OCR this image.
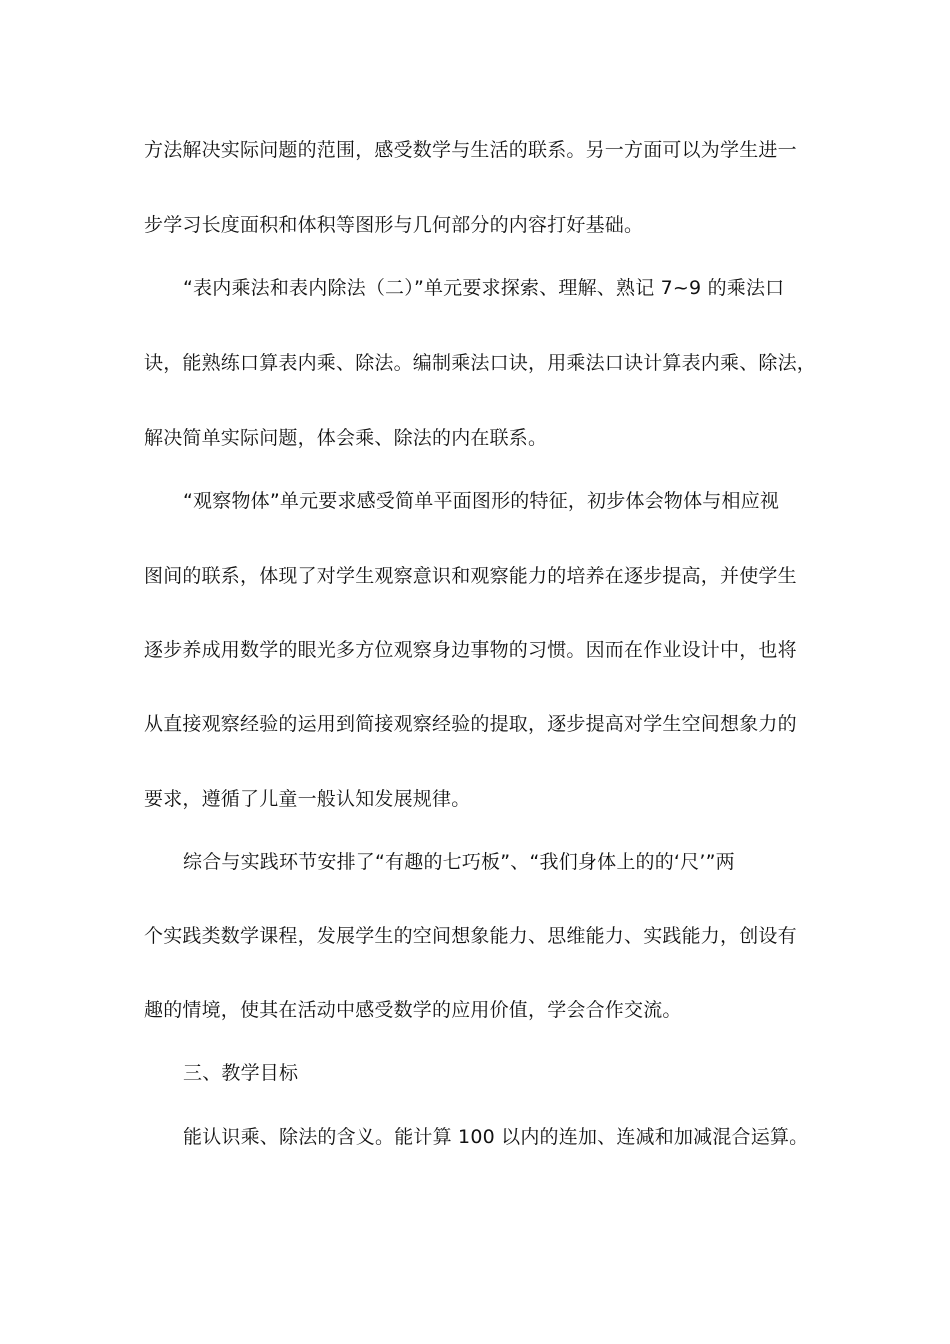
方法解决实际问题的范围，感受数学与生活的联系。另一方面可以为学生进一
步学习长度面积和体积等图形与几何部分的内容打好基础。
“表内乘法和表内除法（二）”单元要求探索、理解、熟记 7~9 的乘法口
诀，能熟练口算表内乘、除法。编制乘法口诀，用乘法口诀计算表内乘、除法，
解决简单实际问题，体会乘、除法的内在联系。
“观察物体”单元要求感受简单平面图形的特征，初步体会物体与相应视
图间的联系，体现了对学生观察意识和观察能力的培养在逐步提高，并使学生
逐步养成用数学的眼光多方位观察身边事物的习惯。因而在作业设计中，也将
从直接观察经验的运用到简接观察经验的提取，逐步提高对学生空间想象力的
要求，遵循了儿童一般认知发展规律。
综合与实践环节安排了“有趣的七巧板”、“我们身体上的的‘尺’”两
个实践类数学课程，发展学生的空间想象能力、思维能力、实践能力，创设有
趣的情境，使其在活动中感受数学的应用价值，学会合作交流。
三、教学目标
能认识乘、除法的含义。能计算 100 以内的连加、连减和加减混合运算。
